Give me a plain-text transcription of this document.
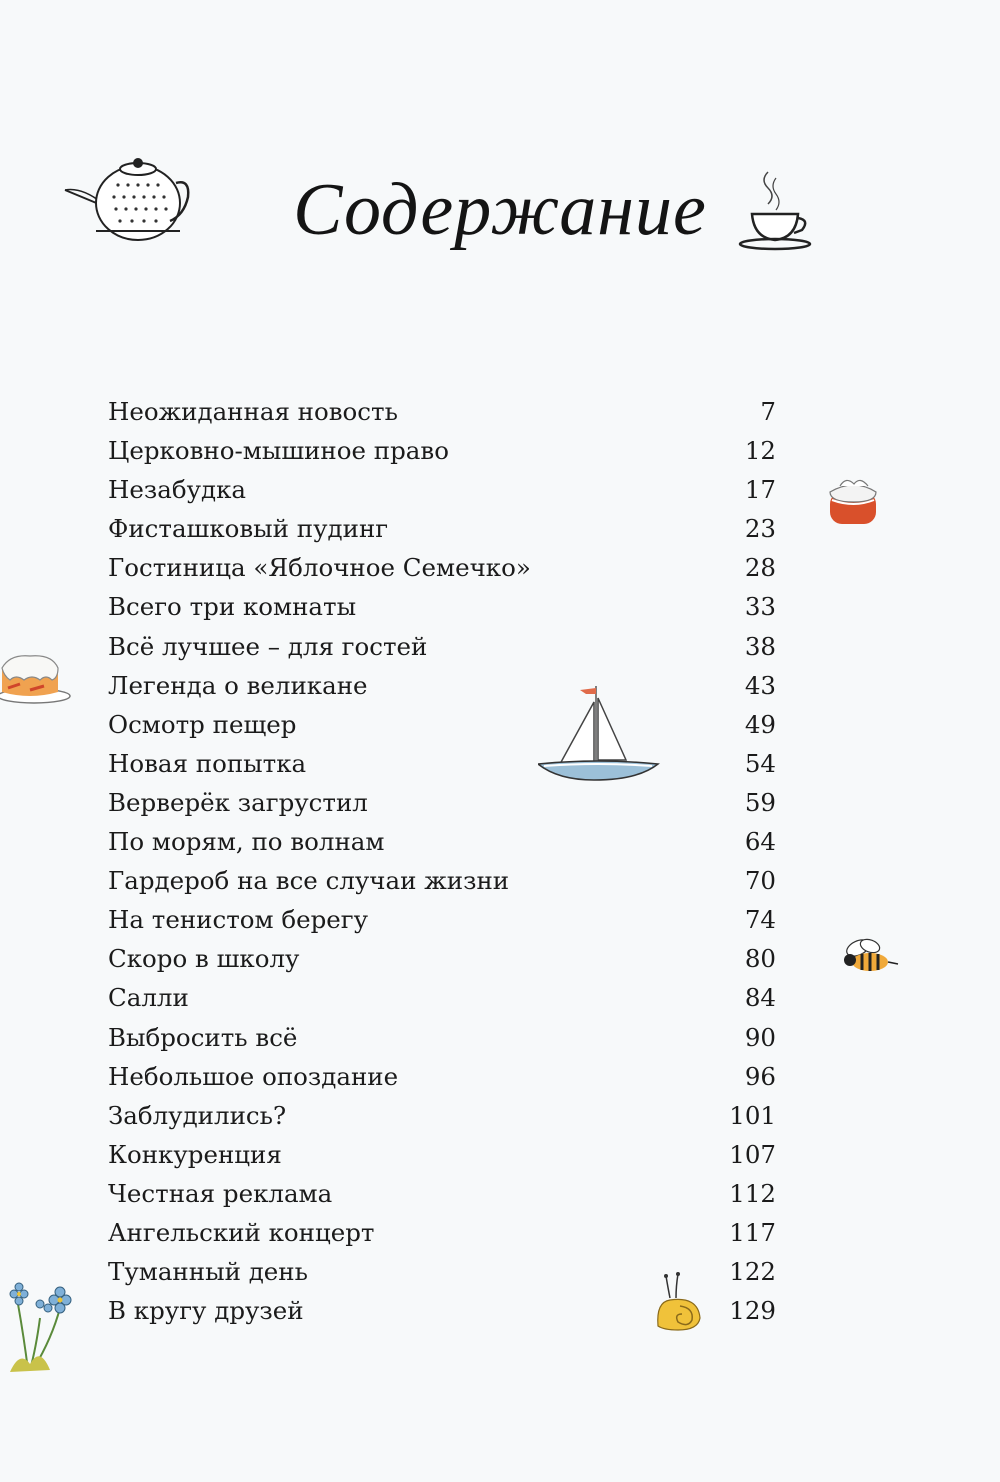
Содержание
Неожиданная новость	7
Церковно-мышиное право	12
Незабудка	17
Фисташковый пудинг	23
Гостиница «Яблочное Семечко»	28
Всего три комнаты	33
Всё лучшее – для гостей	38
Легенда о великане	43
Осмотр пещер	49
Новая попытка	54
Верверёк загрустил	59
По морям, по волнам	64
Гардероб на все случаи жизни	70
На тенистом берегу	74
Скоро в школу	80
Салли	84
Выбросить всё	90
Небольшое опоздание	96
Заблудились?	101
Конкуренция	107
Честная реклама	112
Ангельский концерт	117
Туманный день	122
В кругу друзей	129
